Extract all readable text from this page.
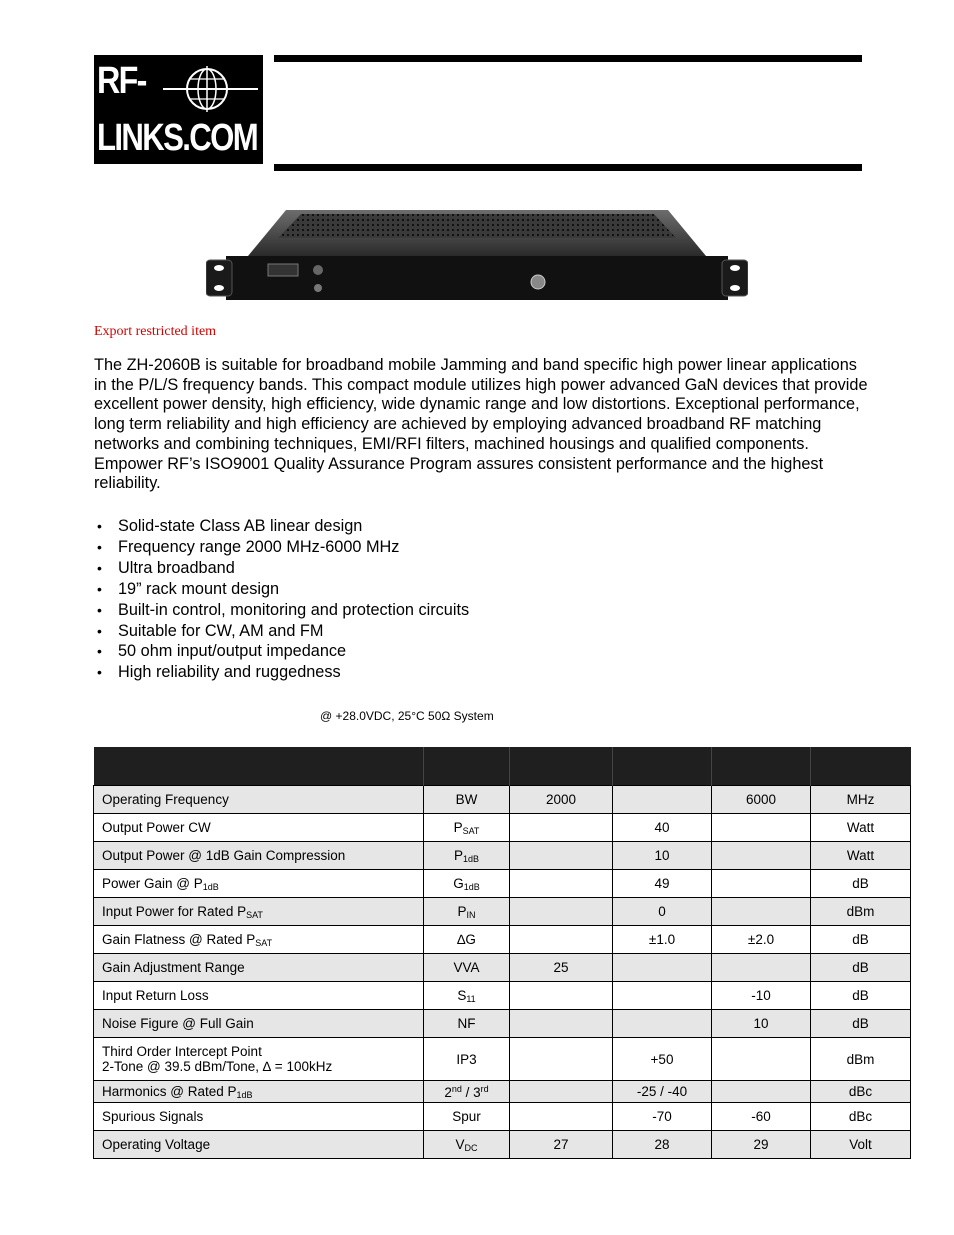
RF-
LINKS.COM
Export restricted item

The ZH-2060B is suitable for broadband mobile Jamming and band specific high power linear applications in the P/L/S frequency bands. This compact module utilizes high power advanced GaN devices that provide excellent power density, high efficiency, wide dynamic range and low distortions. Exceptional performance, long term reliability and high efficiency are achieved by employing advanced broadband RF matching networks and combining techniques, EMI/RFI filters, machined housings and qualified components. Empower RF’s ISO9001 Quality Assurance Program assures consistent performance and the highest reliability.

• Solid-state Class AB linear design
• Frequency range 2000 MHz-6000 MHz
• Ultra broadband
• 19” rack mount design
• Built-in control, monitoring and protection circuits
• Suitable for CW, AM and FM
• 50 ohm input/output impedance
• High reliability and ruggedness
@ +28.0VDC, 25°C 50Ω System

Operating Frequency	BW	2000		6000	MHz
Output Power CW	$P_{SAT}$		40		Watt
Output Power @ 1dB Gain Compression	$P_{1dB}$		10		Watt
Power Gain @ $P_{1dB}$	$G_{1dB}$		49		dB
Input Power for Rated $P_{SAT}$	$P_{IN}$		0		dBm
Gain Flatness @ Rated $P_{SAT}$	∆G		±1.0	±2.0	dB
Gain Adjustment Range	VVA	25			dB
Input Return Loss	$S_{11}$			-10	dB
Noise Figure @ Full Gain	NF			10	dB

Third Order Intercept Point
2-Tone @ 39.5 dBm/Tone, ∆ = 100kHz	IP3		+50		dBm
Harmonics @ Rated $P_{1dB}$	2nd / 3rd		-25 / -40		dBc
Spurious Signals	Spur		-70	-60	dBc
Operating Voltage	$V_{DC}$	27	28	29	Volt
